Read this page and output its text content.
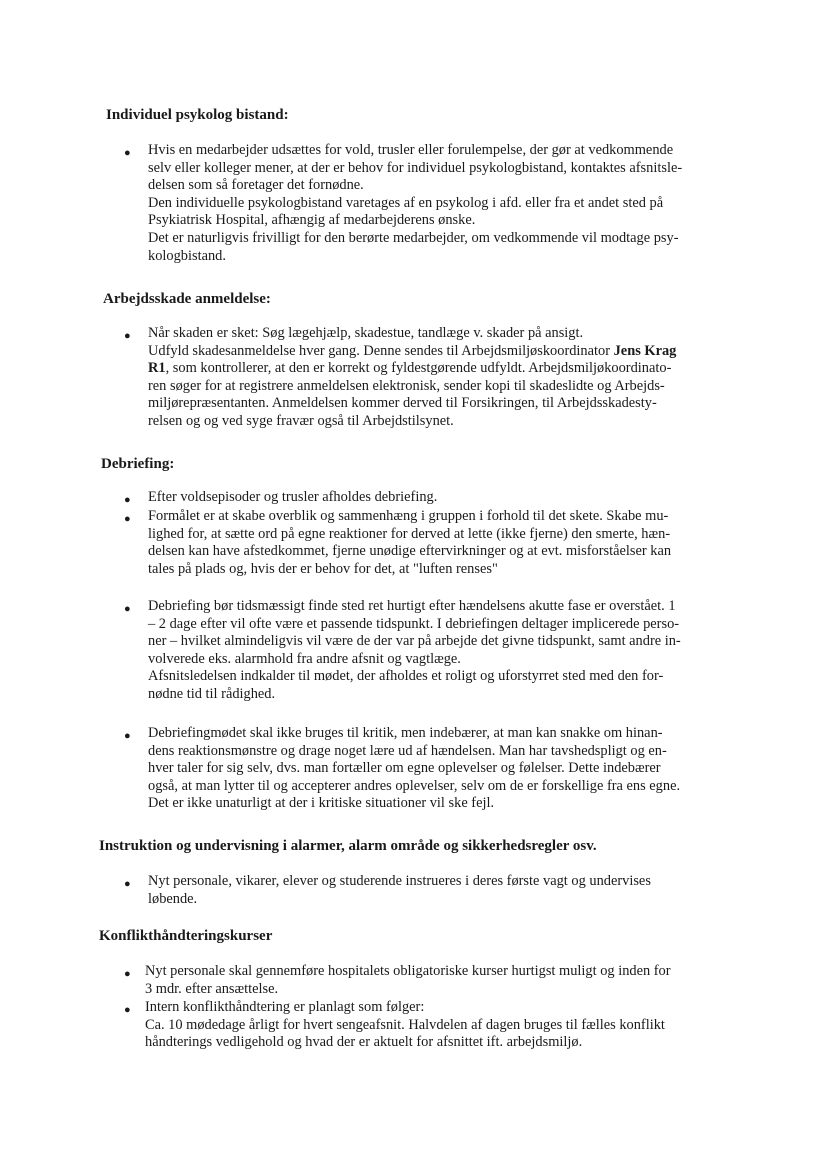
Individuel psykolog bistand:
● Hvis en medarbejder udsættes for vold, trusler eller forulempelse, der gør at vedkommende
selv eller kolleger mener, at der er behov for individuel psykologbistand, kontaktes afsnitsle-
delsen som så foretager det fornødne.
Den individuelle psykologbistand varetages af en psykolog i afd. eller fra et andet sted på
Psykiatrisk Hospital, afhængig af medarbejderens ønske.
Det er naturligvis frivilligt for den berørte medarbejder, om vedkommende vil modtage psy-
kologbistand.
Arbejdsskade anmeldelse:
● Når skaden er sket: Søg lægehjælp, skadestue, tandlæge v. skader på ansigt.
Udfyld skadesanmeldelse hver gang. Denne sendes til Arbejdsmiljøskoordinator Jens Krag
R1, som kontrollerer, at den er korrekt og fyldestgørende udfyldt. Arbejdsmiljøkoordinato-
ren søger for at registrere anmeldelsen elektronisk, sender kopi til skadeslidte og Arbejds-
miljørepræsentanten. Anmeldelsen kommer derved til Forsikringen, til Arbejdsskadesty-
relsen og og ved syge fravær også til Arbejdstilsynet.
Debriefing:
● Efter voldsepisoder og trusler afholdes debriefing.
● Formålet er at skabe overblik og sammenhæng i gruppen i forhold til det skete. Skabe mu-
lighed for, at sætte ord på egne reaktioner for derved at lette (ikke fjerne) den smerte, hæn-
delsen kan have afstedkommet, fjerne unødige eftervirkninger og at evt. misforståelser kan
tales på plads og, hvis der er behov for det, at "luften renses"
● Debriefing bør tidsmæssigt finde sted ret hurtigt efter hændelsens akutte fase er overstået. 1
– 2 dage efter vil ofte være et passende tidspunkt. I debriefingen deltager implicerede perso-
ner – hvilket almindeligvis vil være de der var på arbejde det givne tidspunkt, samt andre in-
volverede eks. alarmhold fra andre afsnit og vagtlæge.
Afsnitsledelsen indkalder til mødet, der afholdes et roligt og uforstyrret sted med den for-
nødne tid til rådighed.
● Debriefingmødet skal ikke bruges til kritik, men indebærer, at man kan snakke om hinan-
dens reaktionsmønstre og drage noget lære ud af hændelsen. Man har tavshedspligt og en-
hver taler for sig selv, dvs. man fortæller om egne oplevelser og følelser. Dette indebærer
også, at man lytter til og accepterer andres oplevelser, selv om de er forskellige fra ens egne.
Det er ikke unaturligt at der i kritiske situationer vil ske fejl.
Instruktion og undervisning i alarmer, alarm område og sikkerhedsregler osv.
● Nyt personale, vikarer, elever og studerende instrueres i deres første vagt og undervises
løbende.
Konflikthåndteringskurser
● Nyt personale skal gennemføre hospitalets obligatoriske kurser hurtigst muligt og inden for
3 mdr. efter ansættelse.
● Intern konflikthåndtering er planlagt som følger:
Ca. 10 mødedage årligt for hvert sengeafsnit. Halvdelen af dagen bruges til fælles konflikt
håndterings vedligehold og hvad der er aktuelt for afsnittet ift. arbejdsmiljø.
